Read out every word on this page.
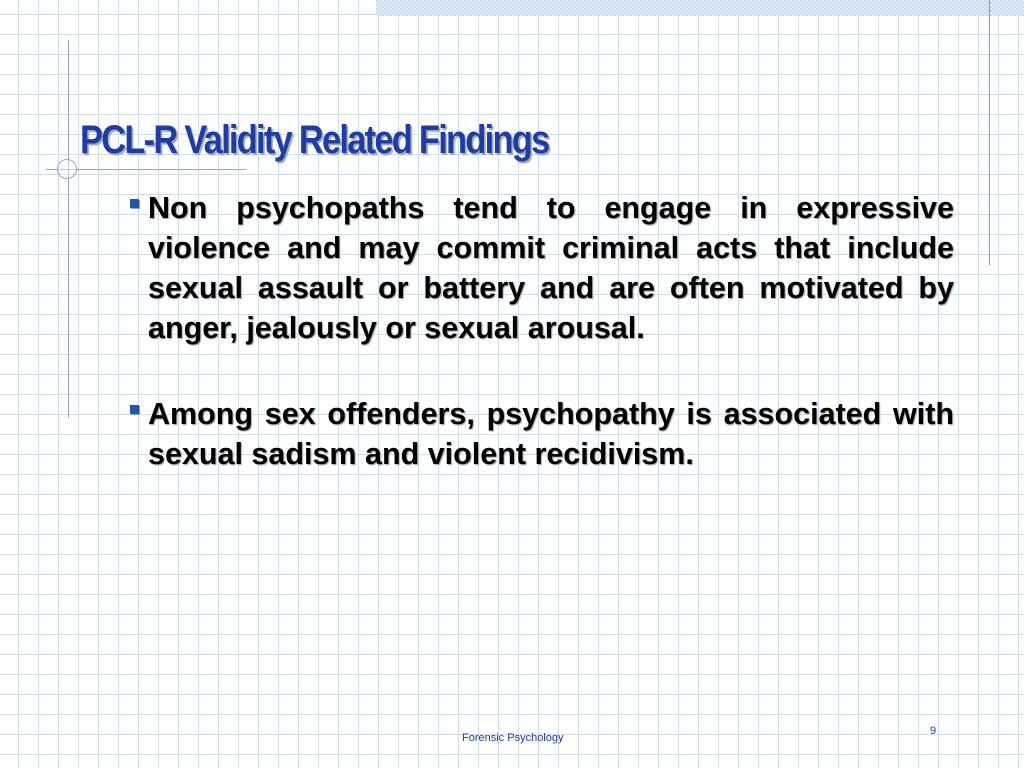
PCL-R Validity Related Findings
Non psychopaths tend to engage in expressive violence and may commit criminal acts that include sexual assault or battery and are often motivated by anger, jealously or sexual arousal.
Among sex offenders, psychopathy is associated with sexual sadism and violent recidivism.
Forensic Psychology
9
